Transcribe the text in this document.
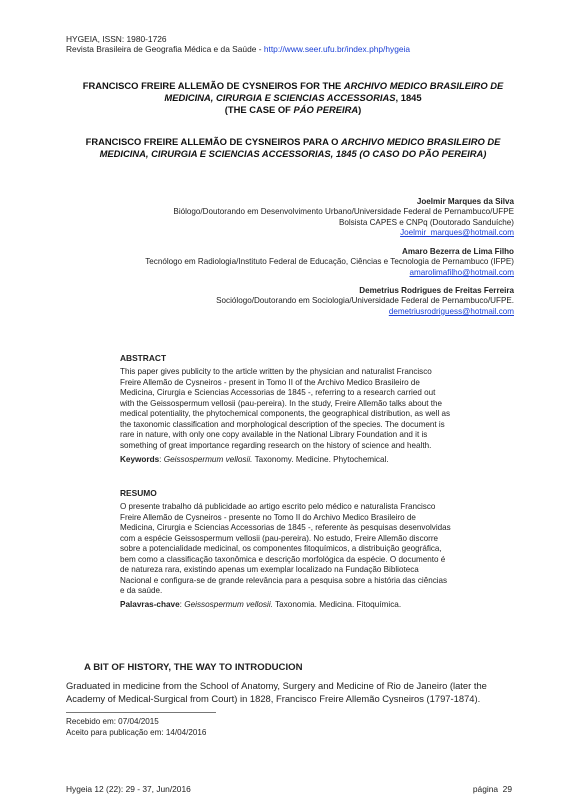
HYGEIA, ISSN: 1980-1726
Revista Brasileira de Geografia Médica e da Saúde - http://www.seer.ufu.br/index.php/hygeia
FRANCISCO FREIRE ALLEMÃO DE CYSNEIROS FOR THE ARCHIVO MEDICO BRASILEIRO DE
MEDICINA, CIRURGIA E SCIENCIAS ACCESSORIAS, 1845
(THE CASE OF PÁO PEREIRA)
FRANCISCO FREIRE ALLEMÃO DE CYSNEIROS PARA O ARCHIVO MEDICO BRASILEIRO DE
MEDICINA, CIRURGIA E SCIENCIAS ACCESSORIAS, 1845 (O CASO DO PÃO PEREIRA)
Joelmir Marques da Silva
Biólogo/Doutorando em Desenvolvimento Urbano/Universidade Federal de Pernambuco/UFPE
Bolsista CAPES e CNPq (Doutorado Sanduíche)
Joelmir_marques@hotmail.com
Amaro Bezerra de Lima Filho
Tecnólogo em Radiologia/Instituto Federal de Educação, Ciências e Tecnologia de Pernambuco (IFPE)
amarolimafilho@hotmail.com
Demetrius Rodrigues de Freitas Ferreira
Sociólogo/Doutorando em Sociologia/Universidade Federal de Pernambuco/UFPE.
demetriusrodriguess@hotmail.com
ABSTRACT
This paper gives publicity to the article written by the physician and naturalist Francisco
Freire Allemão de Cysneiros - present in Tomo II of the Archivo Medico Brasileiro de
Medicina, Cirurgia e Sciencias Accessorias de 1845 -, referring to a research carried out
with the Geissospermum vellosii (pau-pereira). In the study, Freire Allemão talks about the
medical potentiality, the phytochemical components, the geographical distribution, as well as
the taxonomic classification and morphological description of the species. The document is
rare in nature, with only one copy available in the National Library Foundation and it is
something of great importance regarding research on the history of science and health.
Keywords: Geissospermum vellosii. Taxonomy. Medicine. Phytochemical.
RESUMO
O presente trabalho dá publicidade ao artigo escrito pelo médico e naturalista Francisco
Freire Allemão de Cysneiros - presente no Tomo II do Archivo Medico Brasileiro de
Medicina, Cirurgia e Sciencias Accessorias de 1845 -, referente às pesquisas desenvolvidas
com a espécie Geissospermum vellosii (pau-pereira). No estudo, Freire Allemão discorre
sobre a potencialidade medicinal, os componentes fitoquímicos, a distribuição geográfica,
bem como a classificação taxonômica e descrição morfológica da espécie. O documento é
de natureza rara, existindo apenas um exemplar localizado na Fundação Biblioteca
Nacional e configura-se de grande relevância para a pesquisa sobre a história das ciências
e da saúde.
Palavras-chave: Geissospermum vellosii. Taxonomia. Medicina. Fitoquímica.
A BIT OF HISTORY, THE WAY TO INTRODUCION
Graduated in medicine from the School of Anatomy, Surgery and Medicine of Rio de Janeiro (later the
Academy of Medical-Surgical from Court) in 1828, Francisco Freire Allemão Cysneiros (1797-1874).
Recebido em: 07/04/2015
Aceito para publicação em: 14/04/2016
Hygeia 12 (22): 29 - 37, Jun/2016	página  29
